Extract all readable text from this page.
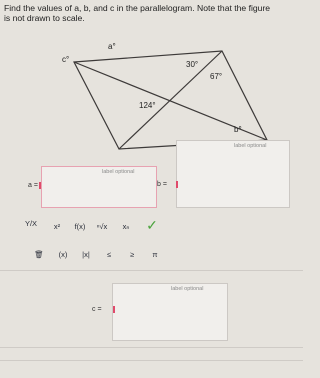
Find the values of a, b, and c in the parallelogram. Note that the figure
is not drawn to scale.
c°
a°
30°
67°
124°
b°
label optional
a =
label optional
b =
Y/X	x²	f(x)	ⁿ√x	xₙ ✓
🗑	(x)	|x|	≤	≥	π
label optional
c =
